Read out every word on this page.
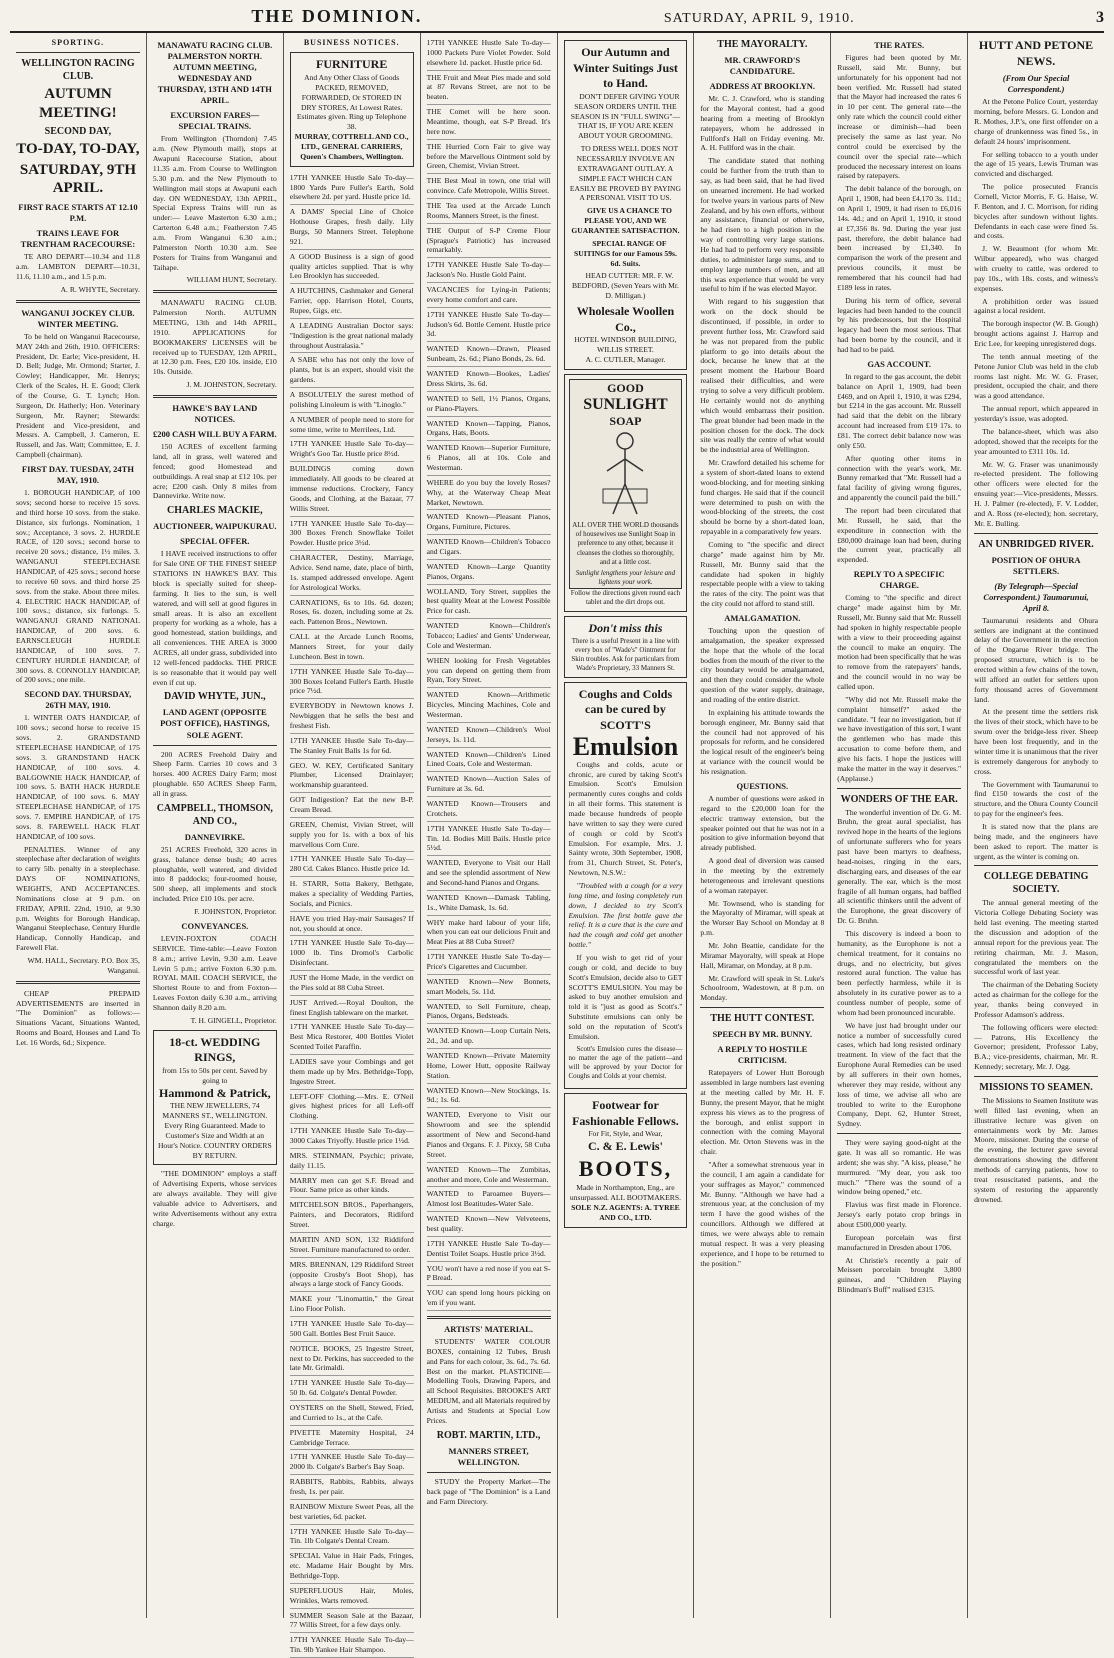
THE DOMINION.	SATURDAY, APRIL 9, 1910.	3
SPORTING.
WELLINGTON RACING CLUB.
AUTUMN MEETING!
SECOND DAY,
TO-DAY, TO-DAY,
SATURDAY, 9TH APRIL.
FIRST RACE STARTS AT 12.10 P.M.
TRAINS LEAVE FOR TRENTHAM RACECOURSE:

TE ARO DEPART—10.34 and 11.8 a.m. LAMBTON DEPART—10.31, 11.6, 11.10 a.m., and 1.5 p.m.

A. R. WHYTE, Secretary.

WANGANUI JOCKEY CLUB. WINTER MEETING.

To be held on Wanganui Racecourse, MAY 24th and 26th, 1910. OFFICERS: President, Dr. Earle; Vice-president, H. D. Bell; Judge, Mr. Ormond; Starter, J. Cowley; Handicapper, Mr. Henrys; Clerk of the Scales, H. E. Good; Clerk of the Course, G. T. Lynch; Hon. Surgeon, Dr. Hatherly; Hon. Veterinary Surgeon, Mr. Rayner; Stewards: President and Vice-president, and Messrs. A. Campbell, J. Cameron, E. Russell, and Jas. Watt; Committee, E. J. Campbell (chairman).

FIRST DAY. TUESDAY, 24TH MAY, 1910.

1. BOROUGH HANDICAP, of 100 sovs; second horse to receive 15 sovs. and third horse 10 sovs. from the stake. Distance, six furlongs. Nomination, 1 sov.; Acceptance, 3 sovs. 2. HURDLE RACE, of 120 sovs.; second horse to receive 20 sovs.; distance, 1½ miles. 3. WANGANUI STEEPLECHASE HANDICAP, of 425 sovs.; second horse to receive 60 sovs. and third horse 25 sovs. from the stake. About three miles. 4. ELECTRIC HACK HANDICAP, of 100 sovs.; distance, six furlongs. 5. WANGANUI GRAND NATIONAL HANDICAP, of 200 sovs. 6. EARNSCLEUGH HURDLE HANDICAP, of 100 sovs. 7. CENTURY HURDLE HANDICAP, of 300 sovs. 8. CONNOLLY HANDICAP, of 200 sovs.; one mile.

SECOND DAY. THURSDAY, 26TH MAY, 1910.

1. WINTER OATS HANDICAP, of 100 sovs.; second horse to receive 15 sovs. 2. GRANDSTAND STEEPLECHASE HANDICAP, of 175 sovs. 3. GRANDSTAND HACK HANDICAP, of 100 sovs. 4. BALGOWNIE HACK HANDICAP, of 100 sovs. 5. BATH HACK HURDLE HANDICAP, of 100 sovs. 6. MAY STEEPLECHASE HANDICAP, of 175 sovs. 7. EMPIRE HANDICAP, of 175 sovs. 8. FAREWELL HACK FLAT HANDICAP, of 100 sovs.

PENALTIES. Winner of any steeplechase after declaration of weights to carry 5lb. penalty in a steeplechase. DAYS OF NOMINATIONS, WEIGHTS, AND ACCEPTANCES. Nominations close at 9 p.m. on FRIDAY, APRIL 22nd, 1910, at 9.30 p.m. Weights for Borough Handicap, Wanganui Steeplechase, Century Hurdle Handicap, Connolly Handicap, and Farewell Flat.

WM. HALL, Secretary. P.O. Box 35, Wanganui.

CHEAP PREPAID ADVERTISEMENTS are inserted in "The Dominion" as follows:— Situations Vacant, Situations Wanted, Rooms and Board, Houses and Land To Let. 16 Words, 6d.; Sixpence.

MANAWATU RACING CLUB. PALMERSTON NORTH. AUTUMN MEETING, WEDNESDAY AND THURSDAY, 13TH AND 14TH APRIL.
EXCURSION FARES—SPECIAL TRAINS.

From Wellington (Thorndon) 7.45 a.m. (New Plymouth mail), stops at Awapuni Racecourse Station, about 11.35 a.m. From Course to Wellington 5.30 p.m. and the New Plymouth to Wellington mail stops at Awapuni each day. ON WEDNESDAY, 13th APRIL, Special Express Trains will run as under:— Leave Masterton 6.30 a.m.; Carterton 6.48 a.m.; Featherston 7.45 a.m. From Wanganui 6.30 a.m.; Palmerston North 10.30 a.m. See Posters for Trains from Wanganui and Taihape.

WILLIAM HUNT, Secretary.

MANAWATU RACING CLUB. Palmerston North. AUTUMN MEETING, 13th and 14th APRIL, 1910. APPLICATIONS for BOOKMAKERS' LICENSES will be received up to TUESDAY, 12th APRIL, at 12.30 p.m. Fees, £20 10s. inside, £10 10s. Outside.

J. M. JOHNSTON, Secretary.

HAWKE'S BAY LAND NOTICES.
£200 CASH WILL BUY A FARM.

150 ACRES of excellent farming land, all in grass, well watered and fenced; good Homestead and outbuildings. A real snap at £12 10s. per acre; £200 cash. Only 8 miles from Dannevirke. Write now.

CHARLES MACKIE,
AUCTIONEER, WAIPUKURAU.
SPECIAL OFFER.

I HAVE received instructions to offer for Sale ONE OF THE FINEST SHEEP STATIONS IN HAWKE'S BAY. This block is specially suited for sheep-farming. It lies to the sun, is well watered, and will sell at good figures in small areas. It is also an excellent property for working as a whole, has a good homestead, station buildings, and all conveniences. THE AREA is 3000 ACRES, all under grass, subdivided into 12 well-fenced paddocks. THE PRICE is so reasonable that it would pay well even if cut up.

DAVID WHYTE, JUN.,
LAND AGENT (OPPOSITE POST OFFICE), HASTINGS, SOLE AGENT.

200 ACRES Freehold Dairy and Sheep Farm. Carries 10 cows and 3 horses. 400 ACRES Dairy Farm; most ploughable. 650 ACRES Sheep Farm, all in grass.

CAMPBELL, THOMSON, AND CO.,
DANNEVIRKE.

251 ACRES Freehold, 320 acres in grass, balance dense bush; 40 acres ploughable, well watered, and divided into 8 paddocks; four-roomed house, 500 sheep, all implements and stock included. Price £10 10s. per acre.

F. JOHNSTON, Proprietor.

CONVEYANCES.

LEVIN-FOXTON COACH SERVICE. Time-table:—Leave Foxton 8 a.m.; arrive Levin, 9.30 a.m. Leave Levin 5 p.m.; arrive Foxton 6.30 p.m. ROYAL MAIL COACH SERVICE, the Shortest Route to and from Foxton—Leaves Foxton daily 6.30 a.m., arriving Shannon daily 8.20 a.m.

T. H. GINGELL, Proprietor.

18-ct. WEDDING RINGS,
from 15s to 50s per cent. Saved by going to
Hammond & Patrick,
THE NEW JEWELLERS, 74 MANNERS ST., WELLINGTON.
Every Ring Guaranteed. Made to Customer's Size and Width at an Hour's Notice. COUNTRY ORDERS BY RETURN.

"THE DOMINION" employs a staff of Advertising Experts, whose services are always available. They will give valuable advice to Advertisers, and write Advertisements without any extra charge.

BUSINESS NOTICES.
FURNITURE
And Any Other Class of Goods PACKED, REMOVED, FORWARDED, Or STORED IN DRY STORES, At Lowest Rates. Estimates given. Ring up Telephone 38.
MURRAY, COTTRELL AND CO., LTD., GENERAL CARRIERS, Queen's Chambers, Wellington.
17TH YANKEE Hustle Sale To-day—1800 Yards Pure Fuller's Earth, Sold elsewhere 2d. per yard. Hustle price 1d.
A DAMS' Special Line of Choice Hothouse Grapes, fresh daily. Lily Burgs, 50 Manners Street. Telephone 921.
A GOOD Business is a sign of good quality articles supplied. That is why Leo Brooklyn has succeeded.
A HUTCHINS, Cashmaker and General Farrier, opp. Harrison Hotel, Courts, Rupee, Gigs, etc.
A LEADING Australian Doctor says: "Indigestion is the great national malady throughout Australasia."
A SABE who has not only the love of plants, but is an expert, should visit the gardens.
A BSOLUTELY the surest method of polishing Linoleum is with "Linoglo."
A NUMBER of people need to store for some time, write to Merrilees, Ltd.
17TH YANKEE Hustle Sale To-day—Wright's Goo Tar. Hustle price 8½d.
BUILDINGS coming down immediately. All goods to be cleared at immense reductions. Crockery, Fancy Goods, and Clothing, at the Bazaar, 77 Willis Street.
17TH YANKEE Hustle Sale To-day—300 Boxes French Snowflake Toilet Powder. Hustle price 3½d.
CHARACTER, Destiny, Marriage, Advice. Send name, date, place of birth, 1s. stamped addressed envelope. Agent for Astrological Works.
CARNATIONS, 6s to 10s. 6d. dozen; Roses, 6s. dozen, including some at 2s. each. Pattenon Bros., Newtown.
CALL at the Arcade Lunch Rooms, Manners Street, for your daily Luncheon. Best in town.
17TH YANKEE Hustle Sale To-day—300 Boxes Iceland Fuller's Earth. Hustle price 7½d.
EVERYBODY in Newtown knows J. Newbiggen that he sells the best and freshest Fish.
17TH YANKEE Hustle Sale To-day—The Stanley Fruit Balls 1s for 6d.
GEO. W. KEY, Certificated Sanitary Plumber, Licensed Drainlayer; workmanship guaranteed.
GOT Indigestion? Eat the new B-P. Cream Bread.
GREEN, Chemist, Vivian Street, will supply you for 1s. with a box of his marvellous Corn Cure.
17TH YANKEE Hustle Sale To-day—280 Cd. Cakes Blanco. Hustle price 1d.
H. STARR, Sotta Bakery, Bethgate, makes a speciality of Wedding Parties, Socials, and Picnics.
HAVE you tried Hay-mair Sausages? If not, you should at once.
17TH YANKEE Hustle Sale To-day—1000 lb. Tins Dromol's Carbolic Disinfectant.
JUST the Home Made, in the verdict on the Pies sold at 88 Cuba Street.
JUST Arrived.—Royal Doulton, the finest English tableware on the market.
17TH YANKEE Hustle Sale To-day—Best Mica Restorer, 400 Bottles Violet Scented Toilet Paraffin.
LADIES save your Combings and get them made up by Mrs. Bethridge-Topp, Ingestre Street.
LEFT-OFF Clothing.—Mrs. E. O'Neil gives highest prices for all Left-off Clothing.
17TH YANKEE Hustle Sale To-day—3000 Cakes Triyoffy. Hustle price 1½d.
MRS. STEINMAN, Psychic; private, daily 11.15.
MARRY men can get S.F. Bread and Flour. Same price as other kinds.
MITCHELSON BROS., Paperhangers, Painters, and Decorators, Ridiford Street.
MARTIN AND SON, 132 Riddiford Street. Furniture manufactured to order.
MRS. BRENNAN, 129 Riddiford Street (opposite Crosby's Boot Shop), has always a large stock of Fancy Goods.
MAKE your "Linomattin," the Great Lino Floor Polish.
17TH YANKEE Hustle Sale To-day—500 Gall. Bottles Best Fruit Sauce.
NOTICE. BOOKS, 25 Ingestre Street, next to Dr. Perkins, has succeeded to the late Mr. Grimaldi.
17TH YANKEE Hustle Sale To-day—50 lb. 6d. Colgate's Dental Powder.
OYSTERS on the Shell, Stewed, Fried, and Curried to 1s., at the Cafe.
PIVETTE Maternity Hospital, 24 Cambridge Terrace.
17TH YANKEE Hustle Sale To-day—2000 lb. Colgate's Barber's Bay Soap.
RABBITS, Rabbits, Rabbits, always fresh, 1s. per pair.
RAINBOW Mixture Sweet Peas, all the best varieties, 6d. packet.
17TH YANKEE Hustle Sale To-day—Tin. 1lb Colgate's Dental Cream.
SPECIAL Value in Hair Pads, Fringes, etc. Madame Hair Bought by Mrs. Bethridge-Topp.
SUPERFLUOUS Hair, Moles, Wrinkles, Warts removed.
SUMMER Season Sale at the Bazaar, 77 Willis Street, for a few days only.
17TH YANKEE Hustle Sale To-day—Tin. 9lb Yankee Hair Shampoo.
17TH YANKEE Hustle Sale To-day—1000 Packets Pure Violet Powder. Sold elsewhere 1d. packet. Hustle price 6d.
THE Fruit and Meat Pies made and sold at 87 Revans Street, are not to be beaten.
THE Comet will be here soon. Meantime, though, eat S-P Bread. It's here now.
THE Hurried Corn Fair to give way before the Marvellous Ointment sold by Green, Chemist, Vivian Street.
THE Best Meal in town, one trial will convince. Cafe Metropole, Willis Street.
THE Tea used at the Arcade Lunch Rooms, Manners Street, is the finest.
THE Output of S-P Creme Flour (Sprague's Patriotic) has increased remarkably.
17TH YANKEE Hustle Sale To-day—Jackson's No. Hustle Gold Paint.
VACANCIES for Lying-in Patients; every home comfort and care.
17TH YANKEE Hustle Sale To-day—Judson's 6d. Bottle Cement. Hustle price 3d.
WANTED Known—Drawn, Pleased Sunbeam, 2s. 6d.; Piano Bonds, 2s. 6d.
WANTED Known—Bookes, Ladies' Dress Skirts, 3s. 6d.
WANTED to Sell, 1½ Pianos, Organs, or Piano-Players.
WANTED Known—Tapping, Pianos, Organs, Hats, Boots.
WANTED Known—Superior Furniture, 6 Pianos, all at 10s. Cole and Westerman.
WHERE do you buy the lovely Roses? Why, at the Waterway Cheap Meat Market, Newtown.
WANTED Known—Pleasant Pianos, Organs, Furniture, Pictures.
WANTED Known—Children's Tobacco and Cigars.
WANTED Known—Large Quantity Pianos, Organs.
WOLLAND, Tory Street, supplies the best quality Meat at the Lowest Possible Price for cash.
WANTED Known—Children's Tobacco; Ladies' and Gents' Underwear, Cole and Westerman.
WHEN looking for Fresh Vegetables you can depend on getting them from Ryan, Tory Street.
WANTED Known—Arithmetic Bicycles, Mincing Machines, Cole and Westerman.
WANTED Known—Children's Wool Jerseys, 1s. 11d.
WANTED Known—Children's Lined Lined Coats, Cole and Westerman.
WANTED Known—Auction Sales of Furniture at 3s. 6d.
WANTED Known—Trousers and Crotchets.
17TH YANKEE Hustle Sale To-day—Tin. 1d. Bodies Mill Bails. Hustle price 5½d.
WANTED, Everyone to Visit our Hall and see the splendid assortment of New and Second-hand Pianos and Organs.
WANTED Known—Damask Tabling, 1s., White Damask, 1s. 6d.
WHY make hard labour of your life, when you can eat our delicious Fruit and Meat Pies at 88 Cuba Street?
17TH YANKEE Hustle Sale To-day—Price's Cigarettes and Cucumber.
WANTED Known—New Bonnets, smart Models, 5s. 11d.
WANTED, to Sell Furniture, cheap, Pianos, Organs, Bedsteads.
WANTED Known—Loop Curtain Nets, 2d., 3d. and up.
WANTED Known—Private Maternity Home, Lower Hutt, opposite Railway Station.
WANTED Known—New Stockings, 1s. 9d.; 1s. 6d.
WANTED, Everyone to Visit our Showroom and see the splendid assortment of New and Second-hand Pianos and Organs. F. J. Pixxy, 58 Cuba Street.
WANTED Known—The Zumbitas, another and more, Cole and Westerman.
WANTED to Paroamee Buyers—Almost lost Beatitudes-Water Sale.
WANTED Known—New Velveteens, best quality.
17TH YANKEE Hustle Sale To-day—Dentist Toilet Soaps. Hustle price 3½d.
YOU won't have a red nose if you eat S-P Bread.
YOU can spend long hours picking on 'em if you want.
ARTISTS' MATERIAL.

STUDENTS' WATER COLOUR BOXES, containing 12 Tubes, Brush and Pans for each colour, 3s. 6d., 7s. 6d. Best on the market. PLASTICINE—Modelling Tools, Drawing Papers, and all School Requisites. BROOKE'S ART MEDIUM, and all Materials required by Artists and Students at Special Low Prices.

ROBT. MARTIN, LTD.,
MANNERS STREET, WELLINGTON.

STUDY the Property Market—The back page of "The Dominion" is a Land and Farm Directory.

Our Autumn and Winter Suitings Just to Hand.

DON'T DEFER GIVING YOUR SEASON ORDERS UNTIL THE SEASON IS IN "FULL SWING"—THAT IS, IF YOU ARE KEEN ABOUT YOUR GROOMING.

TO DRESS WELL DOES NOT NECESSARILY INVOLVE AN EXTRAVAGANT OUTLAY. A SIMPLE FACT WHICH CAN EASILY BE PROVED BY PAYING A PERSONAL VISIT TO US.

GIVE US A CHANCE TO PLEASE YOU, AND WE GUARANTEE SATISFACTION.

SPECIAL RANGE OF SUITINGS for our Famous 59s. 6d. Suits.

HEAD CUTTER: MR. F. W. BEDFORD, (Seven Years with Mr. D. Milligan.)

Wholesale Woollen Co.,
HOTEL WINDSOR BUILDING, WILLIS STREET.
A. C. CUTLER, Manager.
GOOD
SUNLIGHT
SOAP
ALL OVER THE WORLD thousands of housewives use Sunlight Soap in preference to any other, because it cleanses the clothes so thoroughly, and at a little cost.
Sunlight lengthens your leisure and lightens your work.
Follow the directions given round each tablet and the dirt drops out.
Don't miss this
There is a useful Present in a line with every box of "Wade's" Ointment for Skin troubles. Ask for particulars from Wade's Proprietary, 33 Manners St.
Coughs and Colds can be cured by SCOTT'S
Emulsion

Coughs and colds, acute or chronic, are cured by taking Scott's Emulsion. Scott's Emulsion permanently cures coughs and colds in all their forms. This statement is made because hundreds of people have written to say they were cured of cough or cold by Scott's Emulsion. For example, Mrs. J. Sainty wrote, 30th September, 1908, from 31, Church Street, St. Peter's, Newtown, N.S.W.:

"Troubled with a cough for a very long time, and losing completely run down, I decided to try Scott's Emulsion. The first bottle gave the relief. It is a cure that is the cure and had the cough and cold get another bottle."

If you wish to get rid of your cough or cold, and decide to buy Scott's Emulsion, decide also to GET SCOTT'S EMULSION. You may be asked to buy another emulsion and told it is "just as good as Scott's." Substitute emulsions can only be sold on the reputation of Scott's Emulsion.

Scott's Emulsion cures the disease—no matter the age of the patient—and will be approved by your Doctor for Coughs and Colds at your chemist.

Footwear for Fashionable Fellows.
For Fit, Style, and Wear,
C. & E. Lewis'
BOOTS,
Made in Northampton, Eng., are unsurpassed. ALL BOOTMAKERS.
SOLE N.Z. AGENTS: A. TYREE AND CO., LTD.
THE MAYORALTY.
MR. CRAWFORD'S CANDIDATURE.
ADDRESS AT BROOKLYN.

Mr. C. J. Crawford, who is standing for the Mayoral contest, had a good hearing from a meeting of Brooklyn ratepayers, whom he addressed in Fullford's Hall on Friday evening. Mr. A. H. Fullford was in the chair.

The candidate stated that nothing could be further from the truth than to say, as had been said, that he had lived on unearned increment. He had worked for twelve years in various parts of New Zealand, and by his own efforts, without any assistance, financial or otherwise, he had risen to a high position in the way of controlling very large stations. He had had to perform very responsible duties, to administer large sums, and to employ large numbers of men, and all this was experience that would be very useful to him if he was elected Mayor.

With regard to his suggestion that work on the dock should be discontinued, if possible, in order to prevent further loss, Mr. Crawford said he was not prepared from the public platform to go into details about the dock, because he knew that at the present moment the Harbour Board realised their difficulties, and were trying to solve a very difficult problem. He certainly would not do anything which would embarrass their position. The great blunder had been made in the position chosen for the dock. The dock site was really the centre of what would be the industrial area of Wellington.

Mr. Crawford detailed his scheme for a system of short-dated loans to extend wood-blocking, and for meeting sinking fund charges. He said that if the council were determined to push on with the wood-blocking of the streets, the cost should be borne by a short-dated loan, repayable in a comparatively few years.

Coming to "the specific and direct charge" made against him by Mr. Russell, Mr. Bunny said that the candidate had spoken in highly respectable people with a view to taking the rates of the city. The point was that the city could not afford to stand still.

AMALGAMATION.

Touching upon the question of amalgamation, the speaker expressed the hope that the whole of the local bodies from the mouth of the river to the city boundary would be amalgamated, and then they could consider the whole question of the water supply, drainage, and roading of the entire district.

In explaining his attitude towards the borough engineer, Mr. Bunny said that the council had not approved of his proposals for reform, and he considered the logical result of the engineer's being at variance with the council would be his resignation.

QUESTIONS.

A number of questions were asked in regard to the £20,000 loan for the electric tramway extension, but the speaker pointed out that he was not in a position to give information beyond that already published.

A good deal of diversion was caused in the meeting by the extremely heterogeneous and irrelevant questions of a woman ratepayer.

Mr. Townsend, who is standing for the Mayoralty of Miramar, will speak at the Worser Bay School on Monday at 8 p.m.

Mr. John Beattie, candidate for the Miramar Mayoralty, will speak at Hope Hall, Miramar, on Monday, at 8 p.m.

Mr. Crawford will speak in St. Luke's Schoolroom, Wadestown, at 8 p.m. on Monday.

THE HUTT CONTEST.
SPEECH BY MR. BUNNY.
A REPLY TO HOSTILE CRITICISM.

Ratepayers of Lower Hutt Borough assembled in large numbers last evening at the meeting called by Mr. H. F. Bunny, the present Mayor, that he might express his views as to the progress of the borough, and enlist support in connection with the coming Mayoral election. Mr. Orton Stevens was in the chair.

"After a somewhat strenuous year in the council, I am again a candidate for your suffrages as Mayor," commenced Mr. Bunny. "Although we have had a strenuous year, at the conclusion of my term I have the good wishes of the councillors. Although we differed at times, we were always able to remain mutual respect. It was a very pleasing experience, and I hope to be returned to the position."

THE RATES.

Figures had been quoted by Mr. Russell, said Mr. Bunny, but unfortunately for his opponent had not been verified. Mr. Russell had stated that the Mayor had increased the rates 6 in 10 per cent. The general rate—the only rate which the council could either increase or diminish—had been precisely the same as last year. No control could be exercised by the council over the special rate—which produced the necessary interest on loans raised by ratepayers.

The debit balance of the borough, on April 1, 1908, had been £4,170 3s. 11d.; on April 1, 1909, it had risen to £6,016 14s. 4d.; and on April 1, 1910, it stood at £7,356 8s. 9d. During the year just past, therefore, the debit balance had been increased by £1,340. In comparison the work of the present and previous councils, it must be remembered that his council had had £189 less in rates.

During his term of office, several legacies had been handed to the council by his predecessors, but the Hospital legacy had been the most serious. That had been borne by the council, and it had had to be paid.

GAS ACCOUNT.

In regard to the gas account, the debit balance on April 1, 1909, had been £469, and on April 1, 1910, it was £294, but £214 in the gas account. Mr. Russell had said that the debit on the library account had increased from £19 17s. to £81. The correct debit balance now was only £50.

After quoting other items in connection with the year's work, Mr. Bunny remarked that "Mr. Russell had a fatal facility of giving wrong figures, and apparently the council paid the bill."

The report had been circulated that Mr. Russell, he said, that the expenditure in connection with the £80,000 drainage loan had been, during the current year, practically all expended.

REPLY TO A SPECIFIC CHARGE.

Coming to "the specific and direct charge" made against him by Mr. Russell, Mr. Bunny said that Mr. Russell had spoken in highly respectable people with a view to their proceeding against the council to make an enquiry. The motion had been specifically that he was to remove from the ratepayers' hands, and the council would in no way be called upon.

"Why did not Mr. Russell make the complaint himself?" asked the candidate. "I fear no investigation, but if we have investigation of this sort, I want the gentlemen who has made this accusation to come before them, and give his facts. I hope the justices will make the matter in the way it deserves." (Applause.)

WONDERS OF THE EAR.

The wonderful invention of Dr. G. M. Bruhn, the great aural specialist, has revived hope in the hearts of the legions of unfortunate sufferers who for years past have been martyrs to deafness, head-noises, ringing in the ears, discharging ears, and diseases of the ear generally. The ear, which is the most fragile of all human organs, had baffled all scientific thinkers until the advent of the Europhone, the great discovery of Dr. G. Bruhn.

This discovery is indeed a boon to humanity, as the Europhone is not a chemical treatment, for it contains no drugs, and no electricity, but gives restored aural function. The value has been perfectly harmless, while it is absolutely in its curative power as to a countless number of people, some of whom had been pronounced incurable.

We have just had brought under our notice a number of successfully cured cases, which had long resisted ordinary treatment. In view of the fact that the Europhone Aural Remedies can be used by all sufferers in their own homes, wherever they may reside, without any loss of time, we advise all who are troubled to write to the Europhone Company, Dept. 62, Hunter Street, Sydney.

They were saying good-night at the gate. It was all so romantic. He was ardent; she was shy. "A kiss, please," he murmured. "My dear, you ask too much." "There was the sound of a window being opened," etc.

Flavius was first made in Florence. Jersey's early potato crop brings in about £500,000 yearly.

European porcelain was first manufactured in Dresden about 1706.

At Christie's recently a pair of Meissen porcelain brought 3,800 guineas, and "Children Playing Blindman's Buff" realised £315.

HUTT AND PETONE NEWS.
(From Our Special Correspondent.)

At the Petone Police Court, yesterday morning, before Messrs. G. London and R. Mothes, J.P.'s, one first offender on a charge of drunkenness was fined 5s., in default 24 hours' imprisonment.

For selling tobacco to a youth under the age of 15 years, Lewis Truman was convicted and discharged.

The police prosecuted Francis Cornell, Victor Morris, F. G. Haise, W. F. Benton, and J. C. Morrison, for riding bicycles after sundown without lights. Defendants in each case were fined 5s. and costs.

J. W. Beaumont (for whom Mr. Wilbur appeared), who was charged with cruelty to cattle, was ordered to pay 10s., with 18s. costs, and witness's expenses.

A prohibition order was issued against a local resident.

The borough inspector (W. B. Gough) brought actions against J. Harrop and Eric Lee, for keeping unregistered dogs.

The tenth annual meeting of the Petone Junior Club was held in the club rooms last night. Mr. W. G. Fraser, president, occupied the chair, and there was a good attendance.

The annual report, which appeared in yesterday's issue, was adopted.

The balance-sheet, which was also adopted, showed that the receipts for the year amounted to £311 10s. 1d.

Mr. W. G. Fraser was unanimously re-elected president. The following other officers were elected for the ensuing year:—Vice-presidents, Messrs. H. J. Palmer (re-elected), F. V. Lodder, and A. Ross (re-elected); hon. secretary, Mr. E. Bulling.

AN UNBRIDGED RIVER.
POSITION OF OHURA SETTLERS.
(By Telegraph—Special Correspondent.) Taumarunui, April 8.

Taumarunui residents and Ohura settlers are indignant at the continued delay of the Government in the erection of the Ongarue River bridge. The proposed structure, which is to be erected within a few chains of the town, will afford an outlet for settlers upon forty thousand acres of Government land.

At the present time the settlers risk the lives of their stock, which have to be swum over the bridge-less river. Sheep have been lost frequently, and in the winter time it is unanimous that the river is extremely dangerous for anybody to cross.

The Government with Taumarunui to find £150 towards the cost of the structure, and the Ohura County Council to pay for the engineer's fees.

It is stated now that the plans are being made, and the engineers have been asked to report. The matter is urgent, as the winter is coming on.

COLLEGE DEBATING SOCIETY.

The annual general meeting of the Victoria College Debating Society was held last evening. The meeting started the discussion and adoption of the annual report for the previous year. The retiring chairman, Mr. J. Mason, congratulated the members on the successful work of last year.

The chairman of the Debating Society acted as chairman for the college for the year, thanks being conveyed in Professor Adamson's address.

The following officers were elected:— Patrons, His Excellency the Governor; president, Professor Laby, B.A.; vice-presidents, chairman, Mr. R. Kennedy; secretary, Mr. J. Ogg.

MISSIONS TO SEAMEN.

The Missions to Seamen Institute was well filled last evening, when an illustrative lecture was given on entertainments work by Mr. James Moore, missioner. During the course of the evening, the lecturer gave several demonstrations showing the different methods of carrying patients, how to treat resuscitated patients, and the system of restoring the apparently drowned.
